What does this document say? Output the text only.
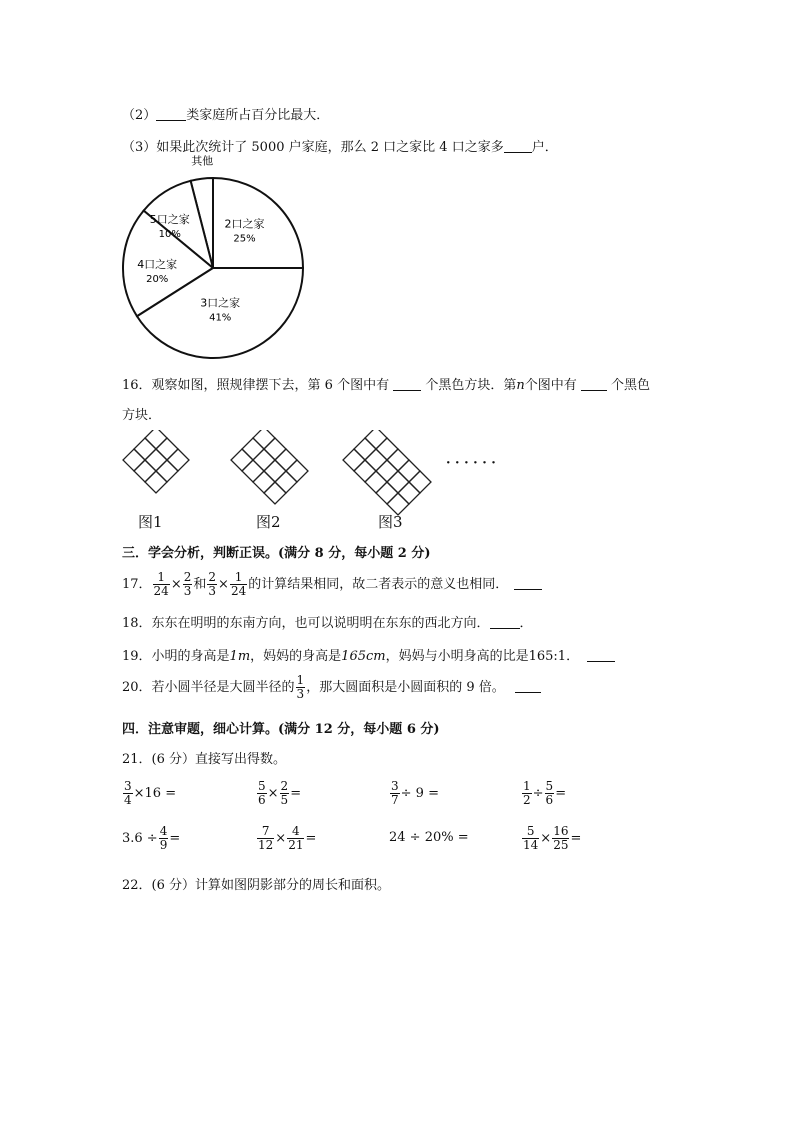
（2） 类家庭所占百分比最大．
（3）如果此次统计了 5000 户家庭，那么 2 口之家比 4 口之家多 户．
2口之家
25%
其他
5口之家
10%
4口之家
20%
3口之家
41%
16．观察如图，照规律摆下去，第 6 个图中有	个黑色方块．第n个图中有	个黑色
方块．
· · · · · ·
图1	图2	图3
三．学会分析，判断正误。(满分 8 分，每小题 2 分)
17． $\frac{1}{24} \times \frac{2}{3}$ 和 $\frac{2}{3} \times \frac{1}{24}$ 的计算结果相同，故二者表示的意义也相同．
18．东东在明明的东南方向，也可以说明明在东东的西北方向． ．
19．小明的身高是1m，妈妈的身高是165cm，妈妈与小明身高的比是165:1．
20．若小圆半径是大圆半径的 $\frac{1}{3}$ ，那大圆面积是小圆面积的 9 倍。
四．注意审题，细心计算。(满分 12 分，每小题 6 分)
21．(6 分）直接写出得数。
$\frac{3}{4} \times 16$ =	$\frac{5}{6} \times \frac{2}{5}$ =	$\frac{3}{7} \div 9$ =	$\frac{1}{2} \div \frac{5}{6}$ =
$3.6 \div \frac{4}{9}$ =	$\frac{7}{12} \times \frac{4}{21}$ =	24 ÷ 20% =	$\frac{5}{14} \times \frac{16}{25}$ =
22．(6 分）计算如图阴影部分的周长和面积。
